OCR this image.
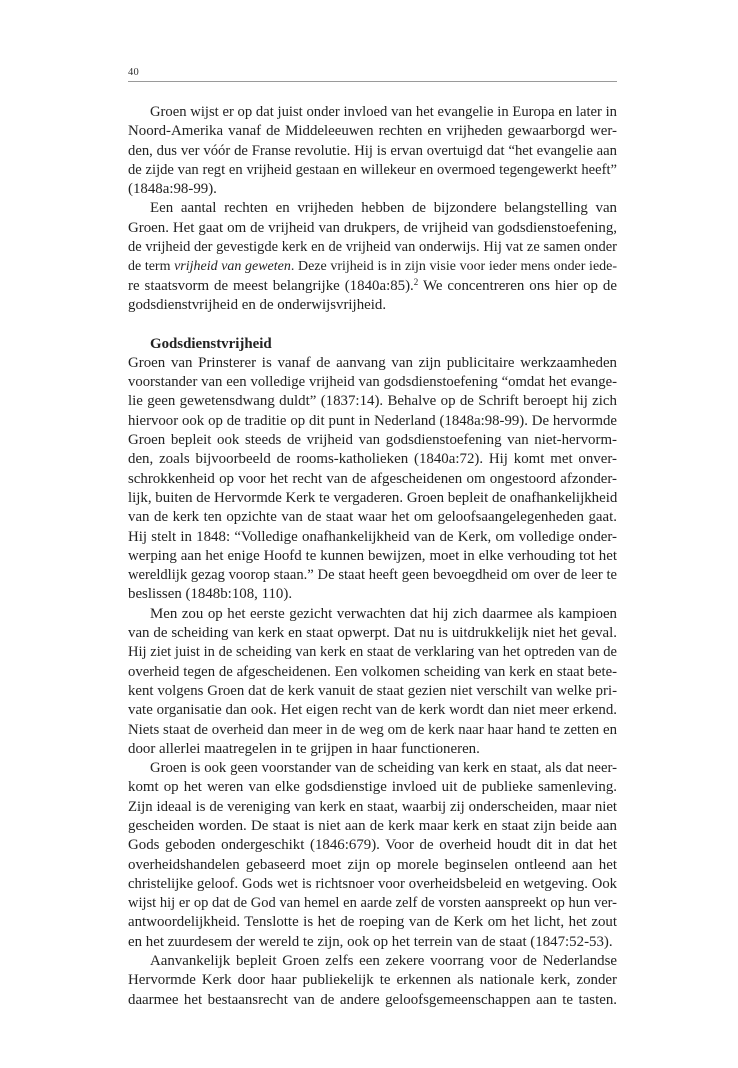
40
Groen wijst er op dat juist onder invloed van het evangelie in Europa en later in
Noord-Amerika vanaf de Middeleeuwen rechten en vrijheden gewaarborgd wer-
den, dus ver vóór de Franse revolutie. Hij is ervan overtuigd dat “het evangelie aan
de zijde van regt en vrijheid gestaan en willekeur en overmoed tegengewerkt heeft”
(1848a:98-99).
Een aantal rechten en vrijheden hebben de bijzondere belangstelling van
Groen. Het gaat om de vrijheid van drukpers, de vrijheid van godsdienstoefening,
de vrijheid der gevestigde kerk en de vrijheid van onderwijs. Hij vat ze samen onder
de term vrijheid van geweten. Deze vrijheid is in zijn visie voor ieder mens onder iede-
re staatsvorm de meest belangrijke (1840a:85).$^2$ We concentreren ons hier op de
godsdienstvrijheid en de onderwijsvrijheid.
Godsdienstvrijheid
Groen van Prinsterer is vanaf de aanvang van zijn publicitaire werkzaamheden
voorstander van een volledige vrijheid van godsdienstoefening “omdat het evange-
lie geen gewetensdwang duldt” (1837:14). Behalve op de Schrift beroept hij zich
hiervoor ook op de traditie op dit punt in Nederland (1848a:98-99). De hervormde
Groen bepleit ook steeds de vrijheid van godsdienstoefening van niet-hervorm-
den, zoals bijvoorbeeld de rooms-katholieken (1840a:72). Hij komt met onver-
schrokkenheid op voor het recht van de afgescheidenen om ongestoord afzonder-
lijk, buiten de Hervormde Kerk te vergaderen. Groen bepleit de onafhankelijkheid
van de kerk ten opzichte van de staat waar het om geloofsaangelegenheden gaat.
Hij stelt in 1848: “Volledige onafhankelijkheid van de Kerk, om volledige onder-
werping aan het enige Hoofd te kunnen bewijzen, moet in elke verhouding tot het
wereldlijk gezag voorop staan.” De staat heeft geen bevoegdheid om over de leer te
beslissen (1848b:108, 110).
Men zou op het eerste gezicht verwachten dat hij zich daarmee als kampioen
van de scheiding van kerk en staat opwerpt. Dat nu is uitdrukkelijk niet het geval.
Hij ziet juist in de scheiding van kerk en staat de verklaring van het optreden van de
overheid tegen de afgescheidenen. Een volkomen scheiding van kerk en staat bete-
kent volgens Groen dat de kerk vanuit de staat gezien niet verschilt van welke pri-
vate organisatie dan ook. Het eigen recht van de kerk wordt dan niet meer erkend.
Niets staat de overheid dan meer in de weg om de kerk naar haar hand te zetten en
door allerlei maatregelen in te grijpen in haar functioneren.
Groen is ook geen voorstander van de scheiding van kerk en staat, als dat neer-
komt op het weren van elke godsdienstige invloed uit de publieke samenleving.
Zijn ideaal is de vereniging van kerk en staat, waarbij zij onderscheiden, maar niet
gescheiden worden. De staat is niet aan de kerk maar kerk en staat zijn beide aan
Gods geboden ondergeschikt (1846:679). Voor de overheid houdt dit in dat het
overheidshandelen gebaseerd moet zijn op morele beginselen ontleend aan het
christelijke geloof. Gods wet is richtsnoer voor overheidsbeleid en wetgeving. Ook
wijst hij er op dat de God van hemel en aarde zelf de vorsten aanspreekt op hun ver-
antwoordelijkheid. Tenslotte is het de roeping van de Kerk om het licht, het zout
en het zuurdesem der wereld te zijn, ook op het terrein van de staat (1847:52-53).
Aanvankelijk bepleit Groen zelfs een zekere voorrang voor de Nederlandse
Hervormde Kerk door haar publiekelijk te erkennen als nationale kerk, zonder
daarmee het bestaansrecht van de andere geloofsgemeenschappen aan te tasten.
